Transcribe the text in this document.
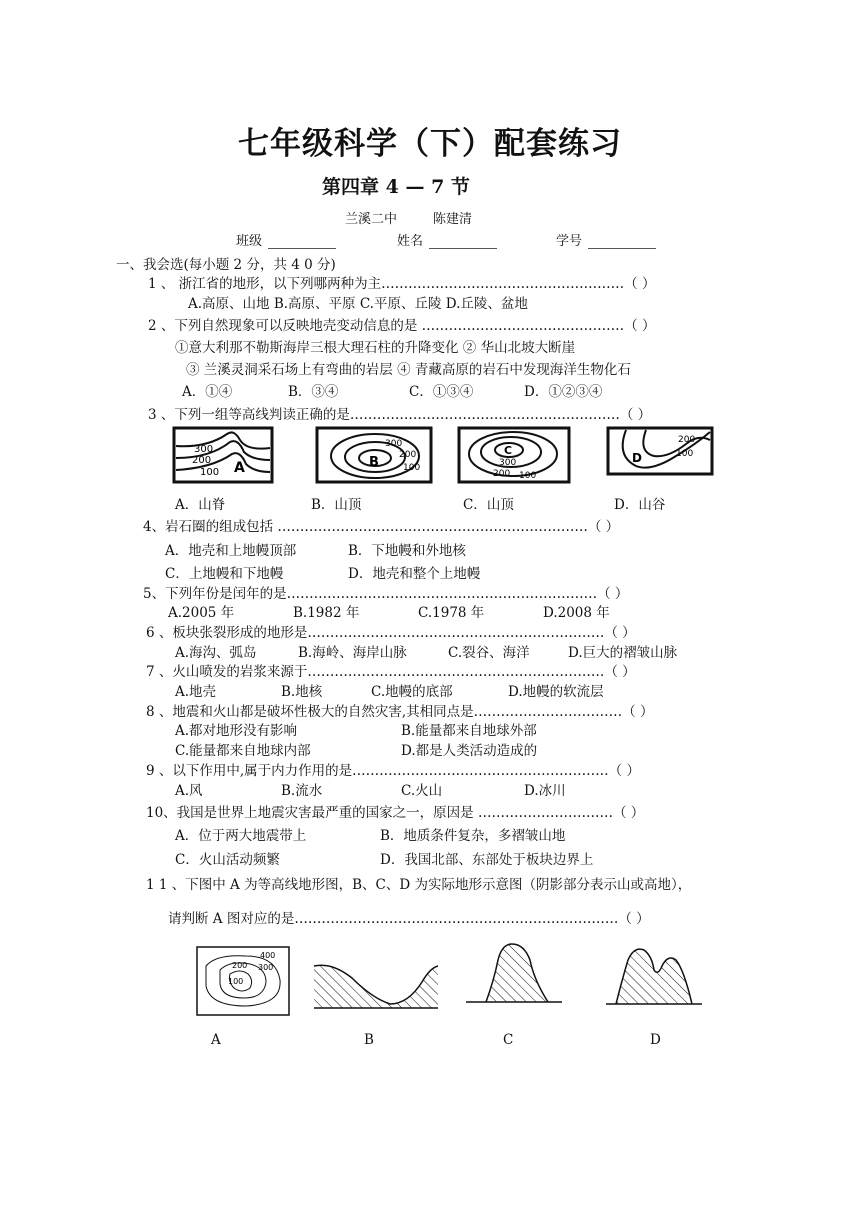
七年级科学（下）配套练习
第四章 4 — 7 节
兰溪二中	陈建清
班级	姓名	学号
一、我会选(每小题 2 分，共 4 0 分)
1 、 浙江省的地形，以下列哪两种为主………………………………………………（ ）
A.高原、山地 B.高原、平原 C.平原、丘陵 D.丘陵、盆地
2 、下列自然现象可以反映地壳变动信息的是 ………………………………………（ ）
①意大利那不勒斯海岸三根大理石柱的升降变化 ② 华山北坡大断崖
③ 兰溪灵洞采石场上有弯曲的岩层 ④ 青藏高原的岩石中发现海洋生物化石
A．①④	B．③④	C．①③④	D．①②③④
3 、下列一组等高线判读正确的是……………………………………………………（ ）
300
200
100 A
300
200
100
B
C
300
200 100
D
200
100
A．山脊	B．山顶	C．山顶	D．山谷
4、岩石圈的组成包括 ……………………………………………………………（ ）
A．地壳和上地幔顶部	B．下地幔和外地核
C．上地幔和下地幔	D．地壳和整个上地幔
5、下列年份是闰年的是……………………………………………………………（ ）
A.2005 年	B.1982 年	C.1978 年	D.2008 年
6 、板块张裂形成的地形是…………………………………………………………（ ）
A.海沟、弧岛	B.海岭、海岸山脉	C.裂谷、海洋	D.巨大的褶皱山脉
7 、火山喷发的岩浆来源于…………………………………………………………（ ）
A.地壳	B.地核	C.地幔的底部	D.地幔的软流层
8 、地震和火山都是破坏性极大的自然灾害,其相同点是……………………………（ ）
A.都对地形没有影响	B.能量都来自地球外部
C.能量都来自地球内部	D.都是人类活动造成的
9 、以下作用中,属于内力作用的是…………………………………………………（ ）
A.风	B.流水	C.火山	D.冰川
10、我国是世界上地震灾害最严重的国家之一，原因是 …………………………（ ）
A．位于两大地震带上	B．地质条件复杂，多褶皱山地
C．火山活动频繁	D．我国北部、东部处于板块边界上
1 1 、下图中 A 为等高线地形图，B、C、D 为实际地形示意图（阴影部分表示山或高地），
请判断 A 图对应的是………………………………………………………………（ ）
400
300
200
100
A	B	C	D
